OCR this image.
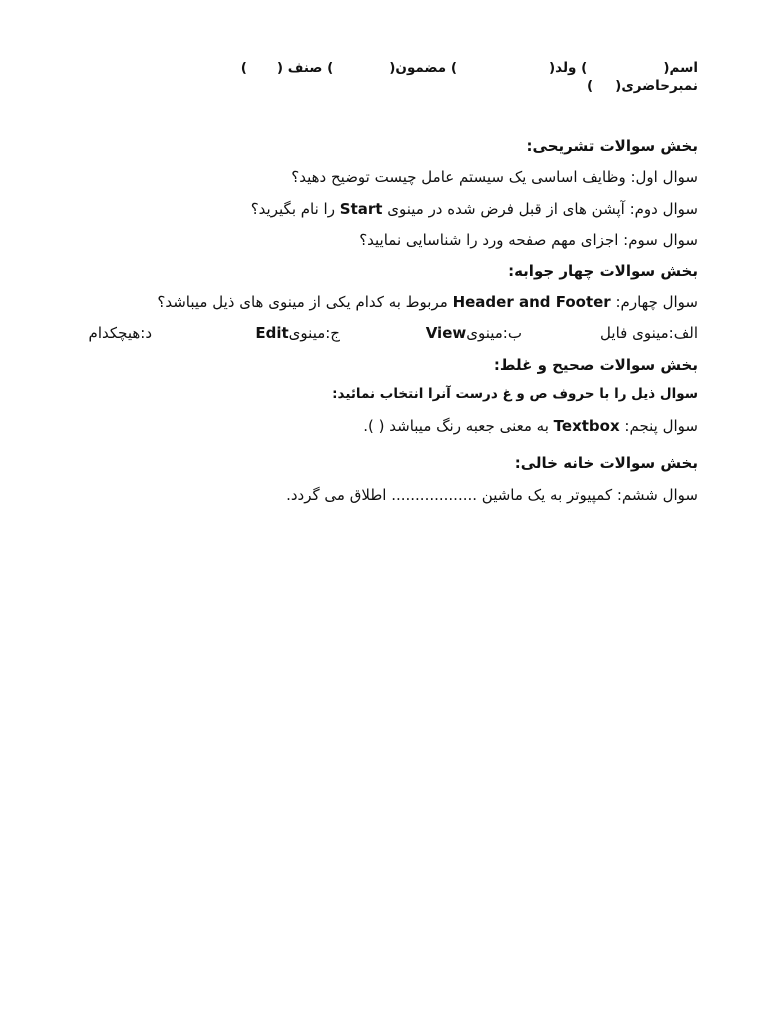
اسم() ولد() مضمون() صنف ()
نمبرحاضری()
بخش سوالات تشریحی:
سوال اول: وظایف اساسی یک سیستم عامل چیست توضیح دهید؟
سوال دوم: آپشن های از قبل فرض شده در مینوی Start را نام بگیرید؟
سوال سوم: اجزای مهم صفحه ورد را شناسایی نمایید؟
بخش سوالات چهار جوابه:
سوال چهارم: Header and Footer مربوط به کدام یکی از مینوی های ذیل میباشد؟
الف:مینوی فایل
ب:مینویView
ج:مینویEdit
د:هیچکدام
بخش سوالات صحیح و غلط:
سوال ذیل را با حروف ص و غ درست آنرا انتخاب نمائید:
سوال پنجم: Textbox به معنی جعبه رنگ میباشد ( ).
بخش سوالات خانه خالی:
سوال ششم: کمپیوتر به یک ماشین .................. اطلاق می گردد.
